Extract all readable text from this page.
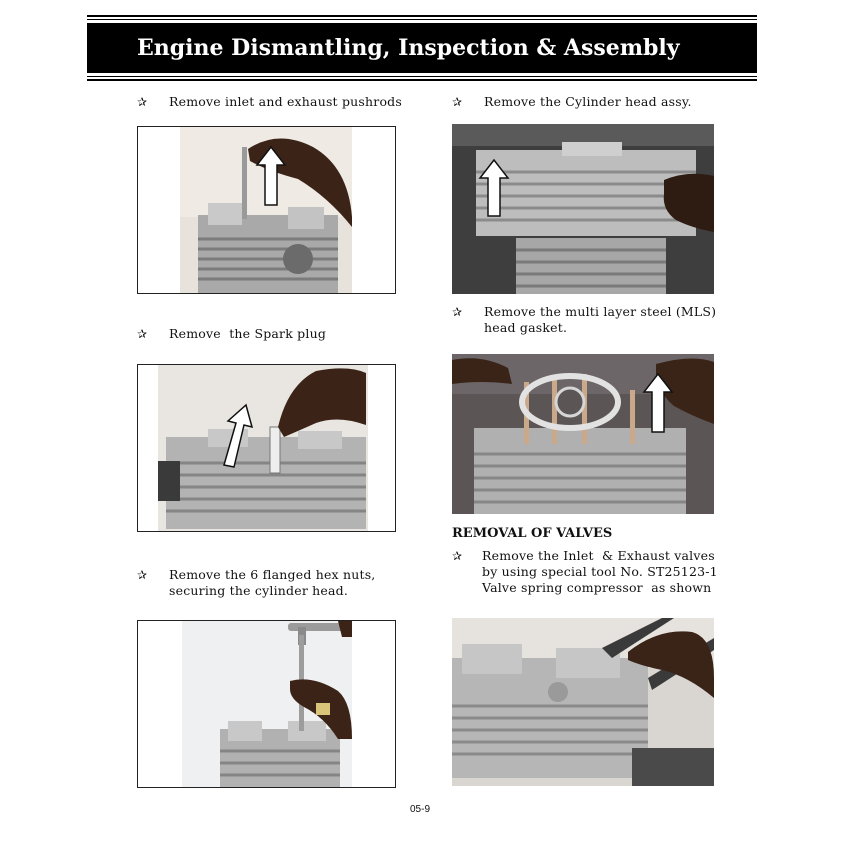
Engine Dismantling, Inspection & Assembly
✰ Remove inlet and exhaust pushrods
✰ Remove  the Spark plug
✰ Remove the 6 flanged hex nuts,
securing the cylinder head.
✰ Remove the Cylinder head assy.
✰ Remove the multi layer steel (MLS)
head gasket.
REMOVAL OF VALVES
✰ Remove the Inlet  & Exhaust valves
by using special tool No. ST25123-1
Valve spring compressor  as shown
05-9
